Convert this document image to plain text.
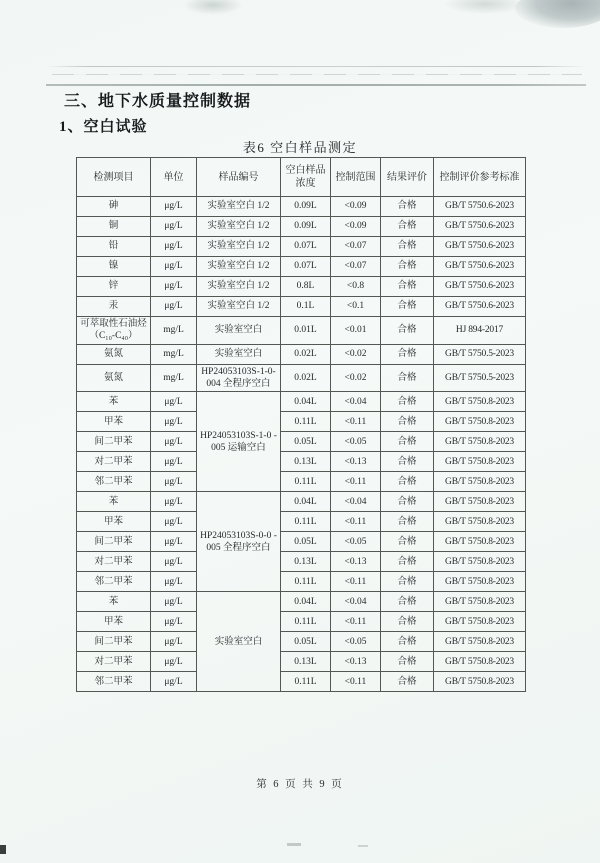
三、地下水质量控制数据
1、空白试验
表6 空白样品测定
检测项目	单位	样品编号	空白样品浓度	控制范围	结果评价	控制评价参考标准
砷	μg/L	实验室空白 1/2	0.09L	<0.09	合格	GB/T 5750.6-2023
铜	μg/L	实验室空白 1/2	0.09L	<0.09	合格	GB/T 5750.6-2023
铅	μg/L	实验室空白 1/2	0.07L	<0.07	合格	GB/T 5750.6-2023
镍	μg/L	实验室空白 1/2	0.07L	<0.07	合格	GB/T 5750.6-2023
锌	μg/L	实验室空白 1/2	0.8L	<0.8	合格	GB/T 5750.6-2023
汞	μg/L	实验室空白 1/2	0.1L	<0.1	合格	GB/T 5750.6-2023
可萃取性石油烃（C₁₀-C₄₀）	mg/L	实验室空白	0.01L	<0.01	合格	HJ 894-2017
氨氮	mg/L	实验室空白	0.02L	<0.02	合格	GB/T 5750.5-2023
氨氮	mg/L	HP24053103S-1-0-004 全程序空白	0.02L	<0.02	合格	GB/T 5750.5-2023
苯	μg/L	HP24053103S-1-0 -005 运输空白	0.04L	<0.04	合格	GB/T 5750.8-2023
甲苯	μg/L		0.11L	<0.11	合格	GB/T 5750.8-2023
间二甲苯	μg/L		0.05L	<0.05	合格	GB/T 5750.8-2023
对二甲苯	μg/L		0.13L	<0.13	合格	GB/T 5750.8-2023
邻二甲苯	μg/L		0.11L	<0.11	合格	GB/T 5750.8-2023
苯	μg/L	HP24053103S-0-0 -005 全程序空白	0.04L	<0.04	合格	GB/T 5750.8-2023
甲苯	μg/L		0.11L	<0.11	合格	GB/T 5750.8-2023
间二甲苯	μg/L		0.05L	<0.05	合格	GB/T 5750.8-2023
对二甲苯	μg/L		0.13L	<0.13	合格	GB/T 5750.8-2023
邻二甲苯	μg/L		0.11L	<0.11	合格	GB/T 5750.8-2023
苯	μg/L	实验室空白	0.04L	<0.04	合格	GB/T 5750.8-2023
甲苯	μg/L		0.11L	<0.11	合格	GB/T 5750.8-2023
间二甲苯	μg/L		0.05L	<0.05	合格	GB/T 5750.8-2023
对二甲苯	μg/L		0.13L	<0.13	合格	GB/T 5750.8-2023
邻二甲苯	μg/L		0.11L	<0.11	合格	GB/T 5750.8-2023
第 6 页 共 9 页
